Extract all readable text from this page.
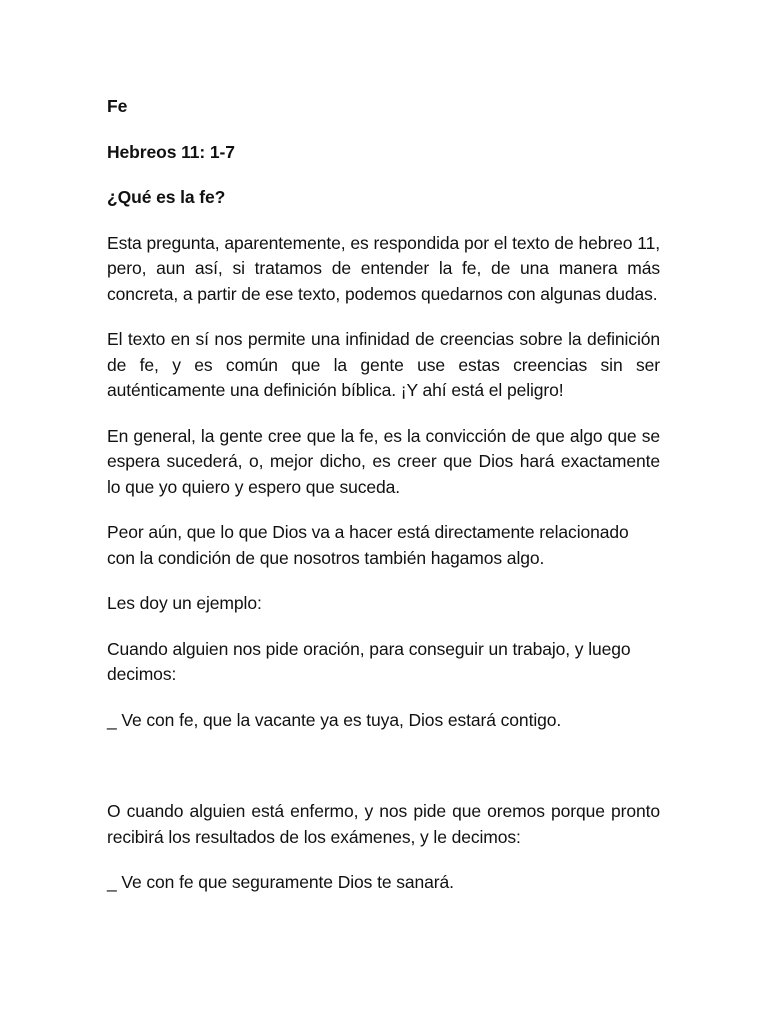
Fe

Hebreos 11: 1-7

¿Qué es la fe?

Esta pregunta, aparentemente, es respondida por el texto de hebreo 11, pero, aun así, si tratamos de entender la fe, de una manera más concreta, a partir de ese texto, podemos quedarnos con algunas dudas.

El texto en sí nos permite una infinidad de creencias sobre la definición de fe, y es común que la gente use estas creencias sin ser auténticamente una definición bíblica. ¡Y ahí está el peligro!

En general, la gente cree que la fe, es la convicción de que algo que se espera sucederá, o, mejor dicho, es creer que Dios hará exactamente lo que yo quiero y espero que suceda.

Peor aún, que lo que Dios va a hacer está directamente relacionado con la condición de que nosotros también hagamos algo.

Les doy un ejemplo:

Cuando alguien nos pide oración, para conseguir un trabajo, y luego decimos:

_ Ve con fe, que la vacante ya es tuya, Dios estará contigo.

O cuando alguien está enfermo, y nos pide que oremos porque pronto recibirá los resultados de los exámenes, y le decimos:

_ Ve con fe que seguramente Dios te sanará.
